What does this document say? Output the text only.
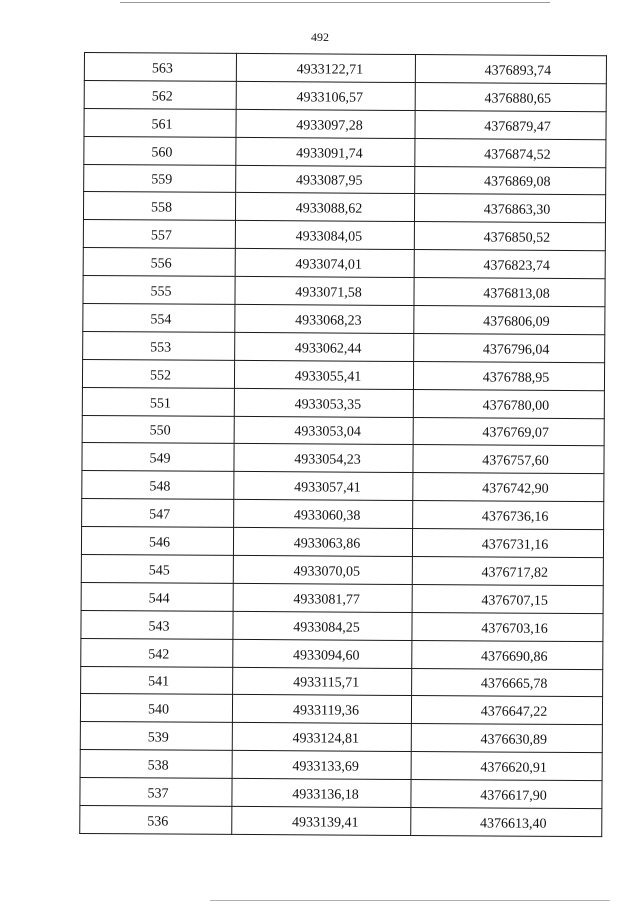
492
563	4933122,71	4376893,74
562	4933106,57	4376880,65
561	4933097,28	4376879,47
560	4933091,74	4376874,52
559	4933087,95	4376869,08
558	4933088,62	4376863,30
557	4933084,05	4376850,52
556	4933074,01	4376823,74
555	4933071,58	4376813,08
554	4933068,23	4376806,09
553	4933062,44	4376796,04
552	4933055,41	4376788,95
551	4933053,35	4376780,00
550	4933053,04	4376769,07
549	4933054,23	4376757,60
548	4933057,41	4376742,90
547	4933060,38	4376736,16
546	4933063,86	4376731,16
545	4933070,05	4376717,82
544	4933081,77	4376707,15
543	4933084,25	4376703,16
542	4933094,60	4376690,86
541	4933115,71	4376665,78
540	4933119,36	4376647,22
539	4933124,81	4376630,89
538	4933133,69	4376620,91
537	4933136,18	4376617,90
536	4933139,41	4376613,40
